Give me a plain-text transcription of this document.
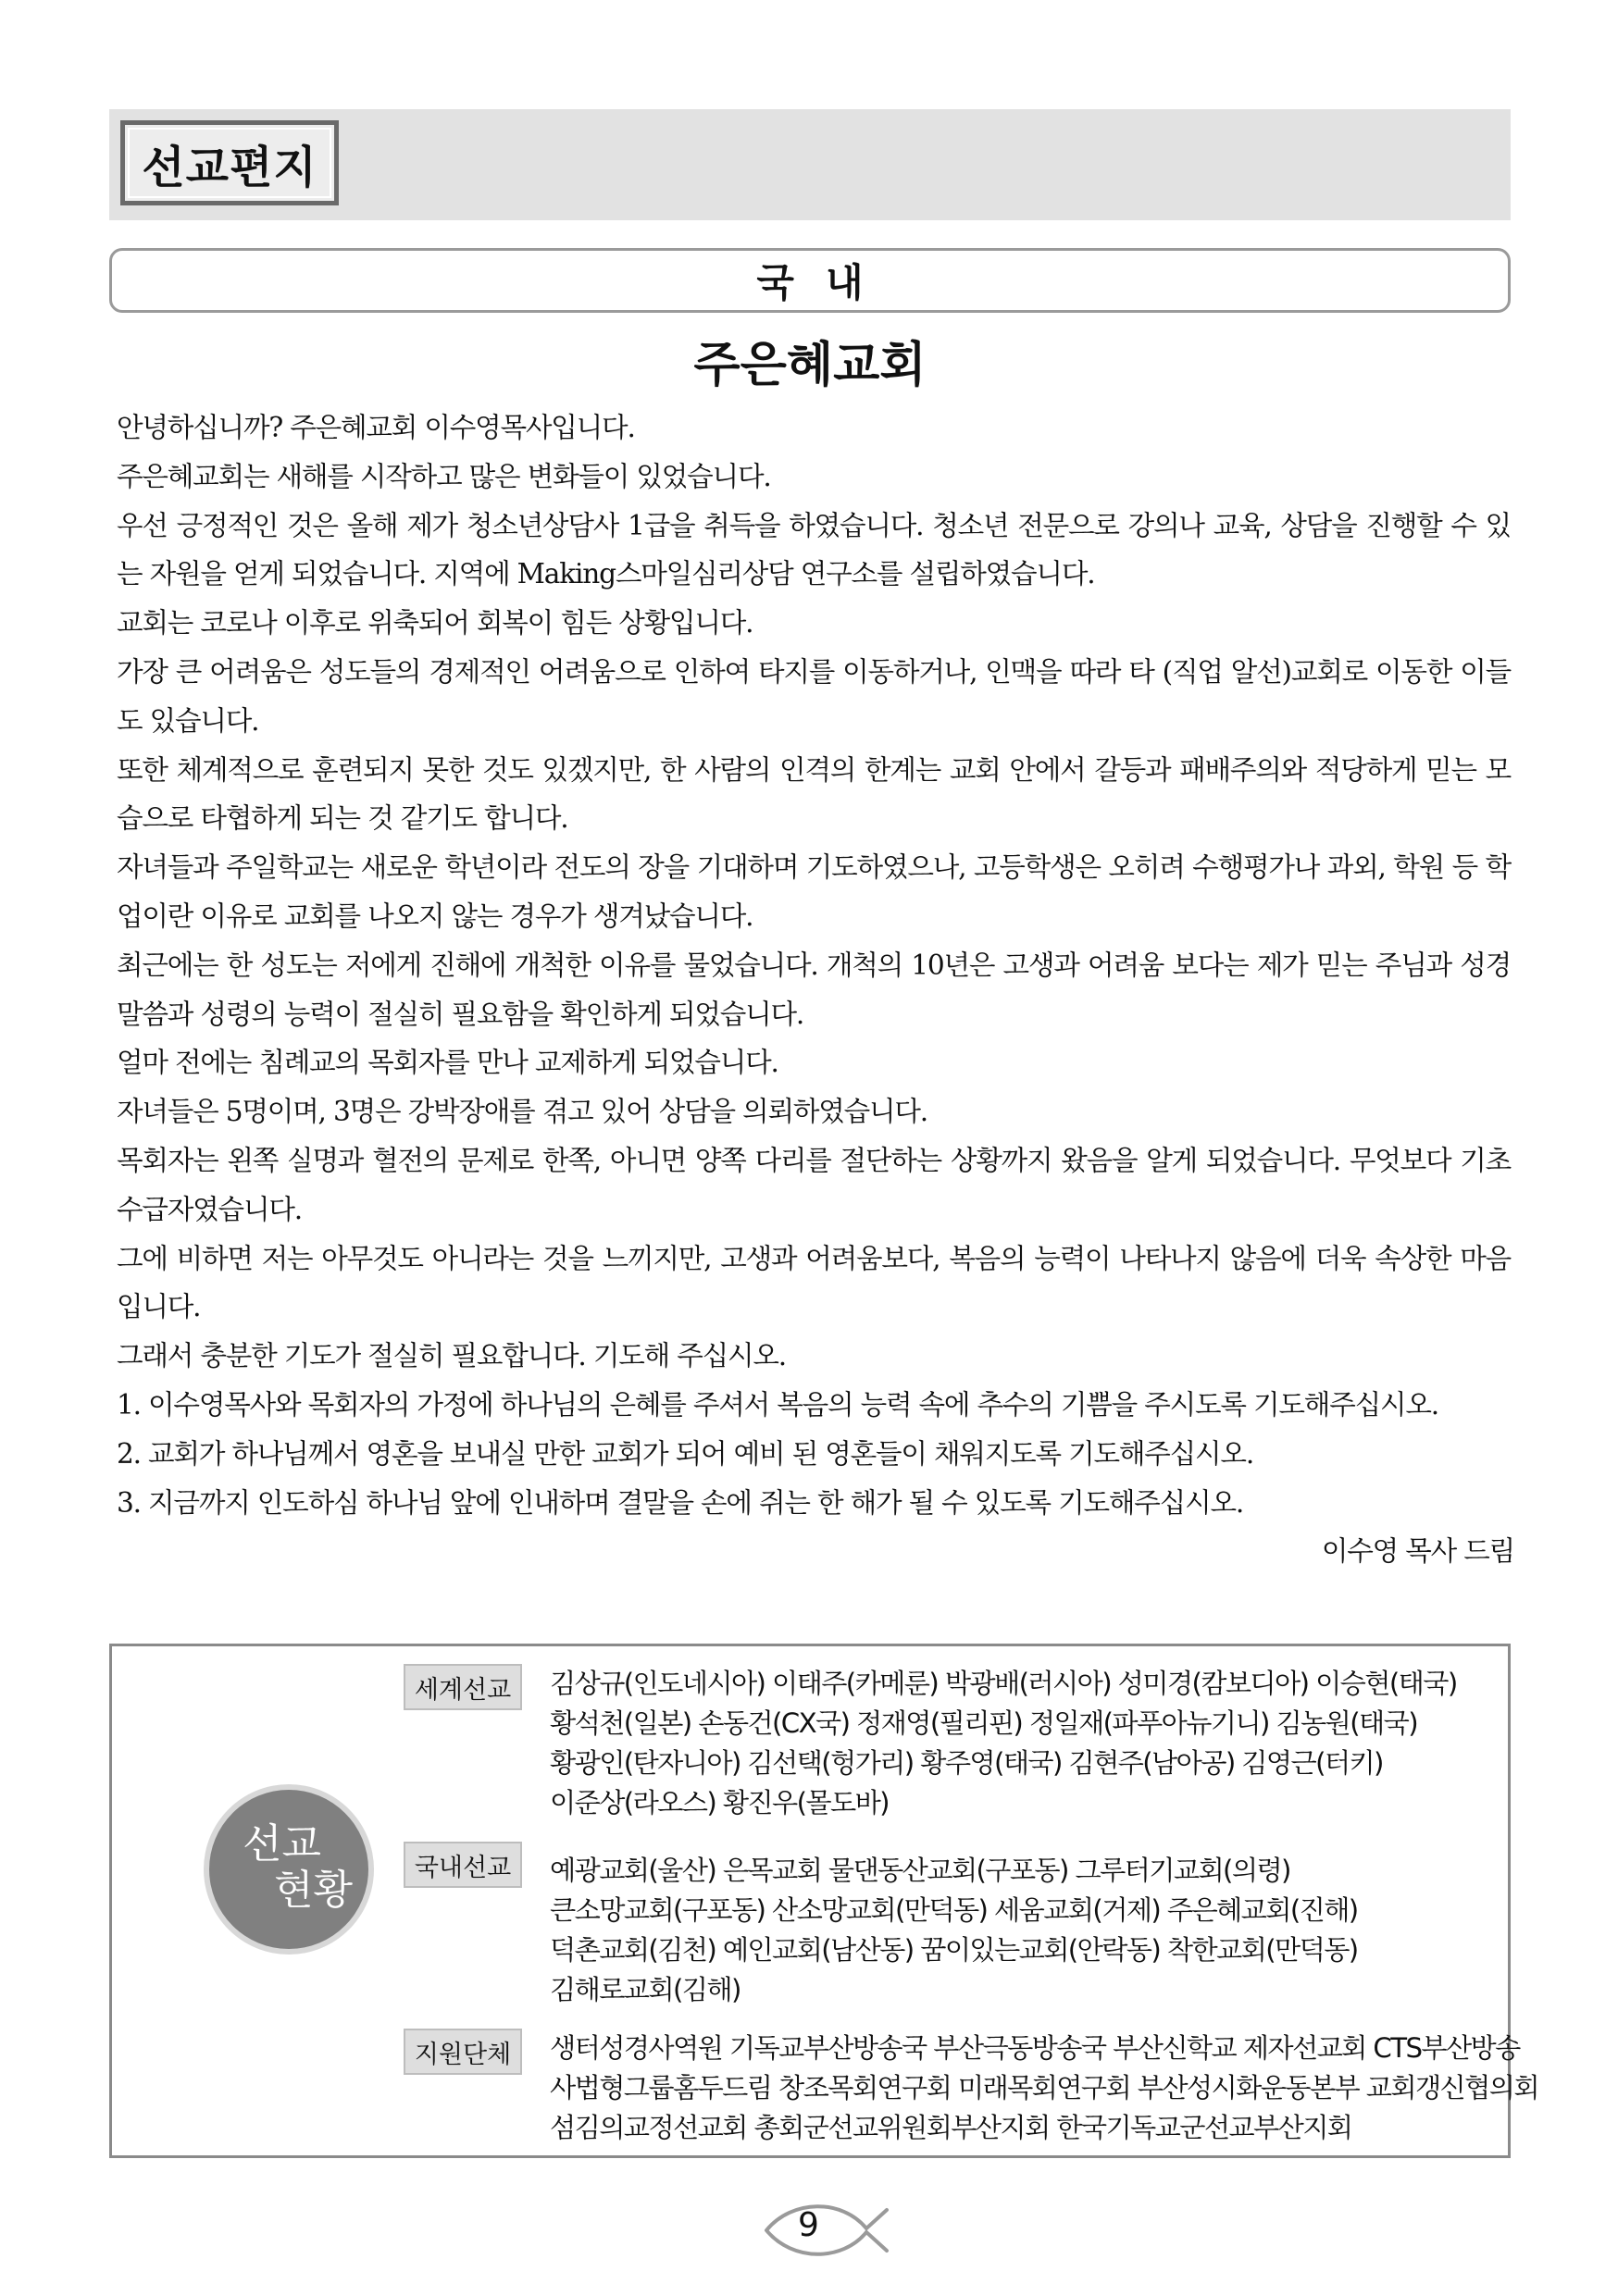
선교편지
국내
주은혜교회

안녕하십니까? 주은혜교회 이수영목사입니다.

주은혜교회는 새해를 시작하고 많은 변화들이 있었습니다.

우선 긍정적인 것은 올해 제가 청소년상담사 1급을 취득을 하였습니다. 청소년 전문으로 강의나 교육, 상담을 진행할 수 있는 자원을 얻게 되었습니다. 지역에 Making스마일심리상담 연구소를 설립하였습니다.

교회는 코로나 이후로 위축되어 회복이 힘든 상황입니다.

가장 큰 어려움은 성도들의 경제적인 어려움으로 인하여 타지를 이동하거나, 인맥을 따라 타 (직업 알선)교회로 이동한 이들도 있습니다.

또한 체계적으로 훈련되지 못한 것도 있겠지만, 한 사람의 인격의 한계는 교회 안에서 갈등과 패배주의와 적당하게 믿는 모습으로 타협하게 되는 것 같기도 합니다.

자녀들과 주일학교는 새로운 학년이라 전도의 장을 기대하며 기도하였으나, 고등학생은 오히려 수행평가나 과외, 학원 등 학업이란 이유로 교회를 나오지 않는 경우가 생겨났습니다.

최근에는 한 성도는 저에게 진해에 개척한 이유를 물었습니다. 개척의 10년은 고생과 어려움 보다는 제가 믿는 주님과 성경말씀과 성령의 능력이 절실히 필요함을 확인하게 되었습니다.

얼마 전에는 침례교의 목회자를 만나 교제하게 되었습니다.

자녀들은 5명이며, 3명은 강박장애를 겪고 있어 상담을 의뢰하였습니다.

목회자는 왼쪽 실명과 혈전의 문제로 한쪽, 아니면 양쪽 다리를 절단하는 상황까지 왔음을 알게 되었습니다. 무엇보다 기초수급자였습니다.

그에 비하면 저는 아무것도 아니라는 것을 느끼지만, 고생과 어려움보다, 복음의 능력이 나타나지 않음에 더욱 속상한 마음입니다.

그래서 충분한 기도가 절실히 필요합니다. 기도해 주십시오.

1. 이수영목사와 목회자의 가정에 하나님의 은혜를 주셔서 복음의 능력 속에 추수의 기쁨을 주시도록 기도해주십시오.

2. 교회가 하나님께서 영혼을 보내실 만한 교회가 되어 예비 된 영혼들이 채워지도록 기도해주십시오.

3. 지금까지 인도하심 하나님 앞에 인내하며 결말을 손에 쥐는 한 해가 될 수 있도록 기도해주십시오.

이수영 목사 드림

선교
현황
세계선교	김상규(인도네시아) 이태주(카메룬) 박광배(러시아) 성미경(캄보디아) 이승현(태국)
황석천(일본) 손동건(CX국) 정재영(필리핀) 정일재(파푸아뉴기니) 김농원(태국)
황광인(탄자니아) 김선택(헝가리) 황주영(태국) 김현주(남아공) 김영근(터키)
이준상(라오스) 황진우(몰도바)
국내선교	예광교회(울산) 은목교회 물댄동산교회(구포동) 그루터기교회(의령)
큰소망교회(구포동) 산소망교회(만덕동) 세움교회(거제) 주은혜교회(진해)
덕촌교회(김천) 예인교회(남산동) 꿈이있는교회(안락동) 착한교회(만덕동)
김해로교회(김해)
지원단체	생터성경사역원 기독교부산방송국 부산극동방송국 부산신학교 제자선교회 CTS부산방송
사법형그룹홈두드림 창조목회연구회 미래목회연구회 부산성시화운동본부 교회갱신협의회
섬김의교정선교회 총회군선교위원회부산지회 한국기독교군선교부산지회
9
